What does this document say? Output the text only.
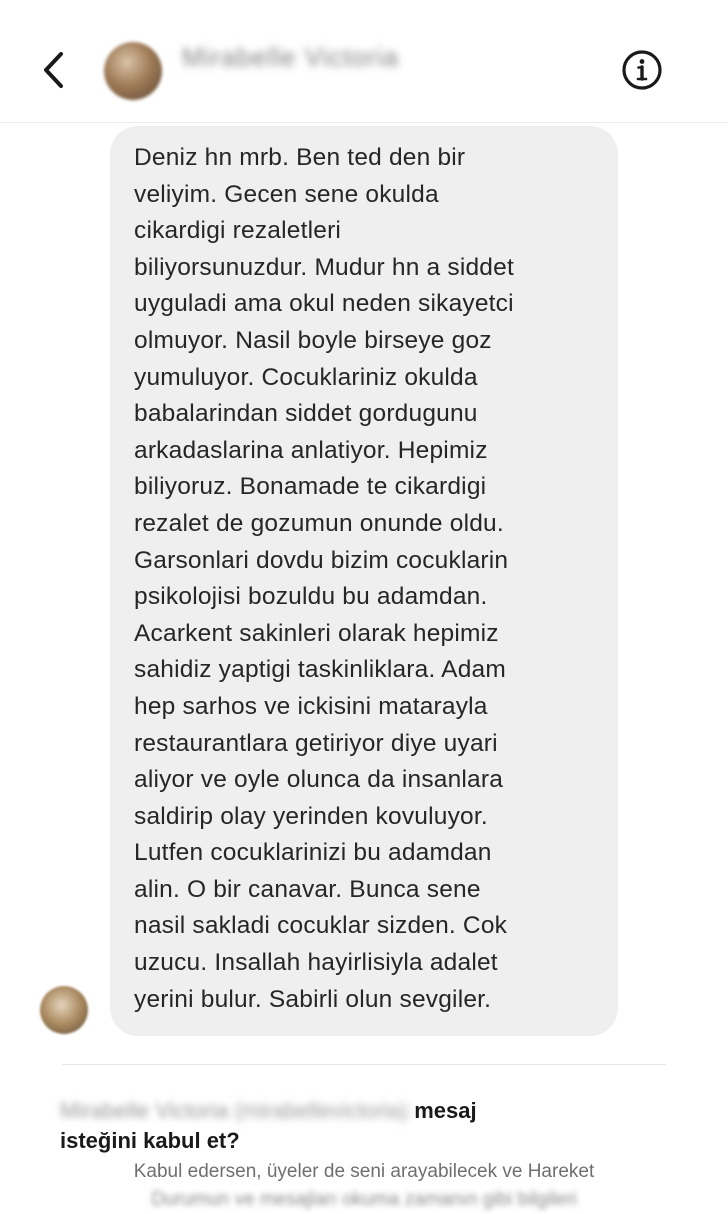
Mirabelle Victoria
Deniz hn mrb. Ben ted den bir
veliyim. Gecen sene okulda
cikardigi rezaletleri
biliyorsunuzdur. Mudur hn a siddet
uyguladi ama okul neden sikayetci
olmuyor. Nasil boyle birseye goz
yumuluyor. Cocuklariniz okulda
babalarindan siddet gordugunu
arkadaslarina anlatiyor. Hepimiz
biliyoruz. Bonamade te cikardigi
rezalet de gozumun onunde oldu.
Garsonlari dovdu bizim cocuklarin
psikolojisi bozuldu bu adamdan.
Acarkent sakinleri olarak hepimiz
sahidiz yaptigi taskinliklara. Adam
hep sarhos ve ickisini matarayla
restaurantlara getiriyor diye uyari
aliyor ve oyle olunca da insanlara
saldirip olay yerinden kovuluyor.
Lutfen cocuklarinizi bu adamdan
alin. O bir canavar. Bunca sene
nasil sakladi cocuklar sizden. Cok
uzucu. Insallah hayirlisiyla adalet
yerini bulur. Sabirli olun sevgiler.
Mirabelle Victoria (mirabellevictoria) mesaj
isteğini kabul et?
Kabul edersen, üyeler de seni arayabilecek ve Hareket
Durumun ve mesajları okuma zamanın gibi bilgileri
